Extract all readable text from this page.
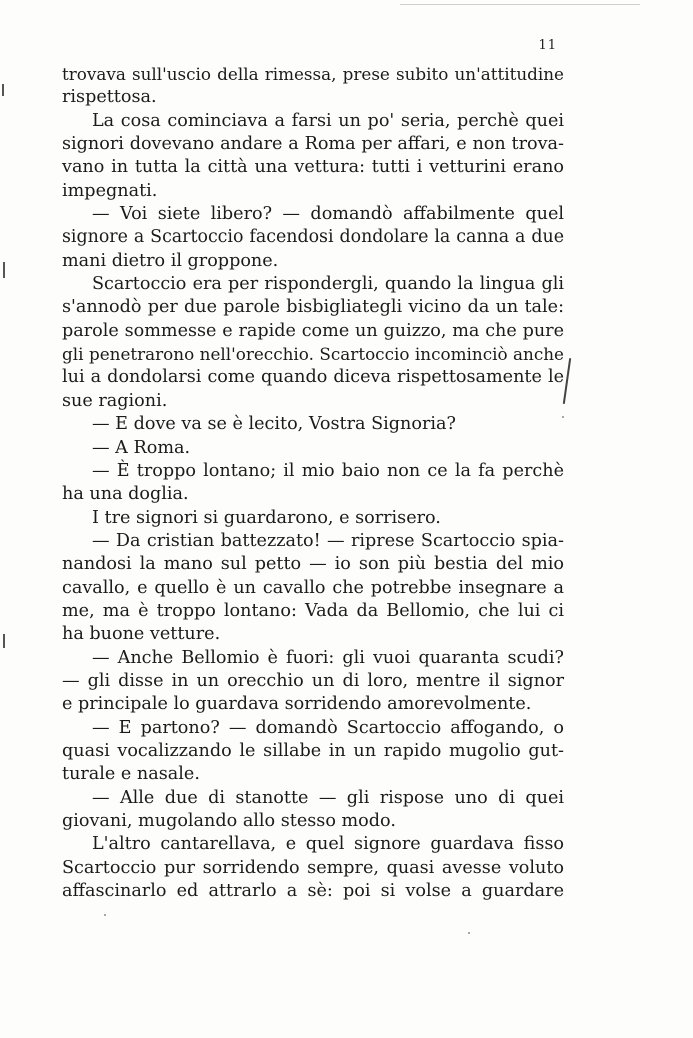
11
trovava sull'uscio della rimessa, prese subito un'attitudine
rispettosa.
La cosa cominciava a farsi un po' seria, perchè quei
signori dovevano andare a Roma per affari, e non trova-
vano in tutta la città una vettura: tutti i vetturini erano
impegnati.
— Voi siete libero? — domandò affabilmente quel
signore a Scartoccio facendosi dondolare la canna a due
mani dietro il groppone.
Scartoccio era per rispondergli, quando la lingua gli
s'annodò per due parole bisbigliategli vicino da un tale:
parole sommesse e rapide come un guizzo, ma che pure
gli penetrarono nell'orecchio. Scartoccio incominciò anche
lui a dondolarsi come quando diceva rispettosamente le
sue ragioni.
— E dove va se è lecito, Vostra Signoria?
— A Roma.
— È troppo lontano; il mio baio non ce la fa perchè
ha una doglia.
I tre signori si guardarono, e sorrisero.
— Da cristian battezzato! — riprese Scartoccio spia-
nandosi la mano sul petto — io son più bestia del mio
cavallo, e quello è un cavallo che potrebbe insegnare a
me, ma è troppo lontano: Vada da Bellomio, che lui ci
ha buone vetture.
— Anche Bellomio è fuori: gli vuoi quaranta scudi?
— gli disse in un orecchio un di loro, mentre il signor
e principale lo guardava sorridendo amorevolmente.
— E partono? — domandò Scartoccio affogando, o
quasi vocalizzando le sillabe in un rapido mugolio gut-
turale e nasale.
— Alle due di stanotte — gli rispose uno di quei
giovani, mugolando allo stesso modo.
L'altro cantarellava, e quel signore guardava fisso
Scartoccio pur sorridendo sempre, quasi avesse voluto
affascinarlo ed attrarlo a sè: poi si volse a guardare
